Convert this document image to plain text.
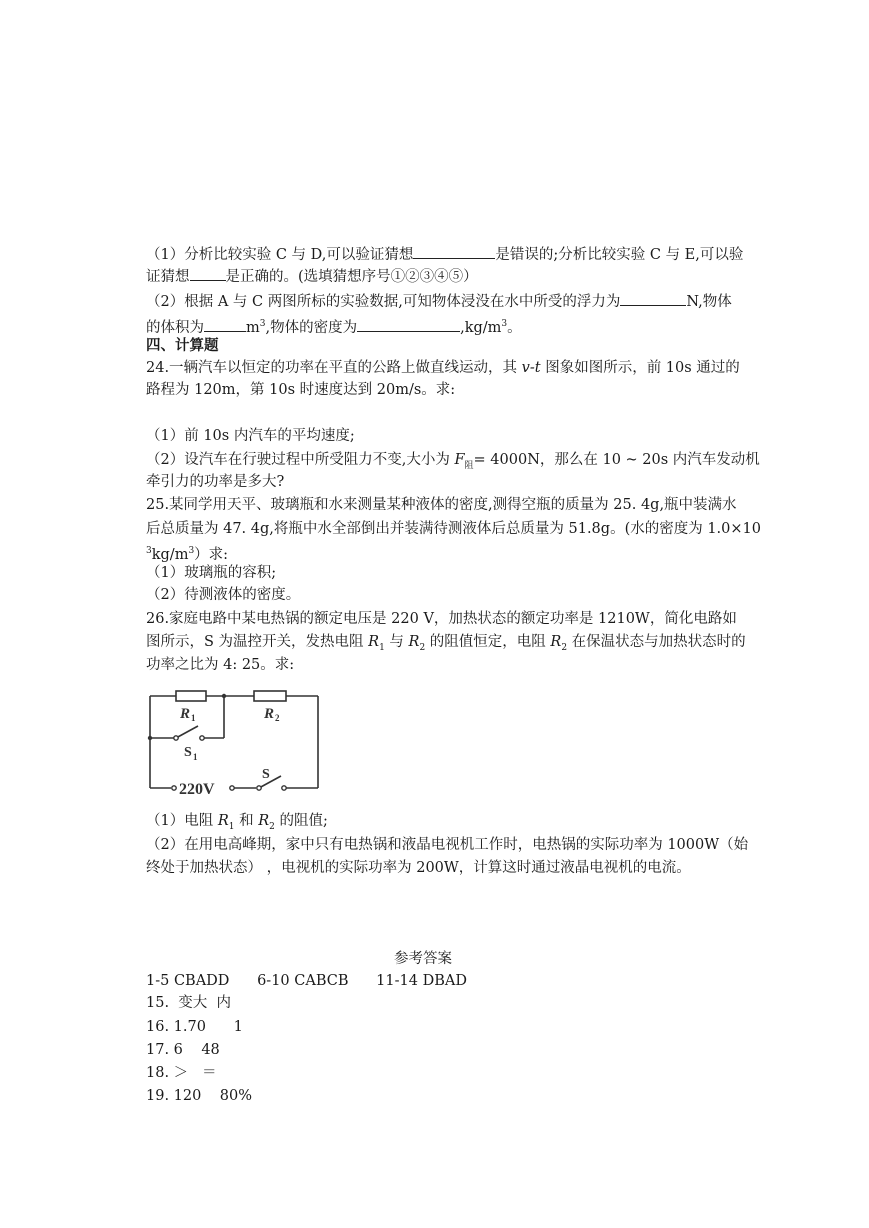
（1）分析比较实验 C 与 D,可以验证猜想	是错误的;分析比较实验 C 与 E,可以验
证猜想 是正确的。(选填猜想序号①②③④⑤）
（2）根据 A 与 C 两图所标的实验数据,可知物体浸没在水中所受的浮力为	N,物体
的体积为	$m^3$,物体的密度为	$,kg/m^3$。
四、计算题
24.一辆汽车以恒定的功率在平直的公路上做直线运动，其 v-t 图象如图所示，前 10s 通过的
路程为 120m，第 10s 时速度达到 20m/s。求:
（1）前 10s 内汽车的平均速度;
（2）设汽车在行驶过程中所受阻力不变,大小为 $F_阻= 4000N$，那么在 10 ~ 20s 内汽车发动机
牵引力的功率是多大?
25.某同学用天平、玻璃瓶和水来测量某种液体的密度,测得空瓶的质量为 25. 4g,瓶中装满水
后总质量为 47. 4g,将瓶中水全部倒出并装满待测液体后总质量为 51.8g。(水的密度为 1.0×10
$^3kg/m^3$）求:
（1）玻璃瓶的容积;
（2）待测液体的密度。
26.家庭电路中某电热锅的额定电压是 220 V，加热状态的额定功率是 1210W，简化电路如
图所示，S 为温控开关，发热电阻 $R_1$ 与 $R_2$ 的阻值恒定，电阻 $R_2$ 在保温状态与加热状态时的
功率之比为 4: 25。求:
R 1	R 2
S 1
220V
S
（1）电阻 $R_1$ 和 $R_2$ 的阻值;
（2）在用电高峰期，家中只有电热锅和液晶电视机工作时，电热锅的实际功率为 1000W（始
终处于加热状态） ，电视机的实际功率为 200W，计算这时通过液晶电视机的电流。
参考答案
1-5 CBADD      6-10 CABCB      11-14 DBAD
15.  变大  内
16. 1.70      1
17. 6    48
18. ＞   ＝
19. 120    80%
